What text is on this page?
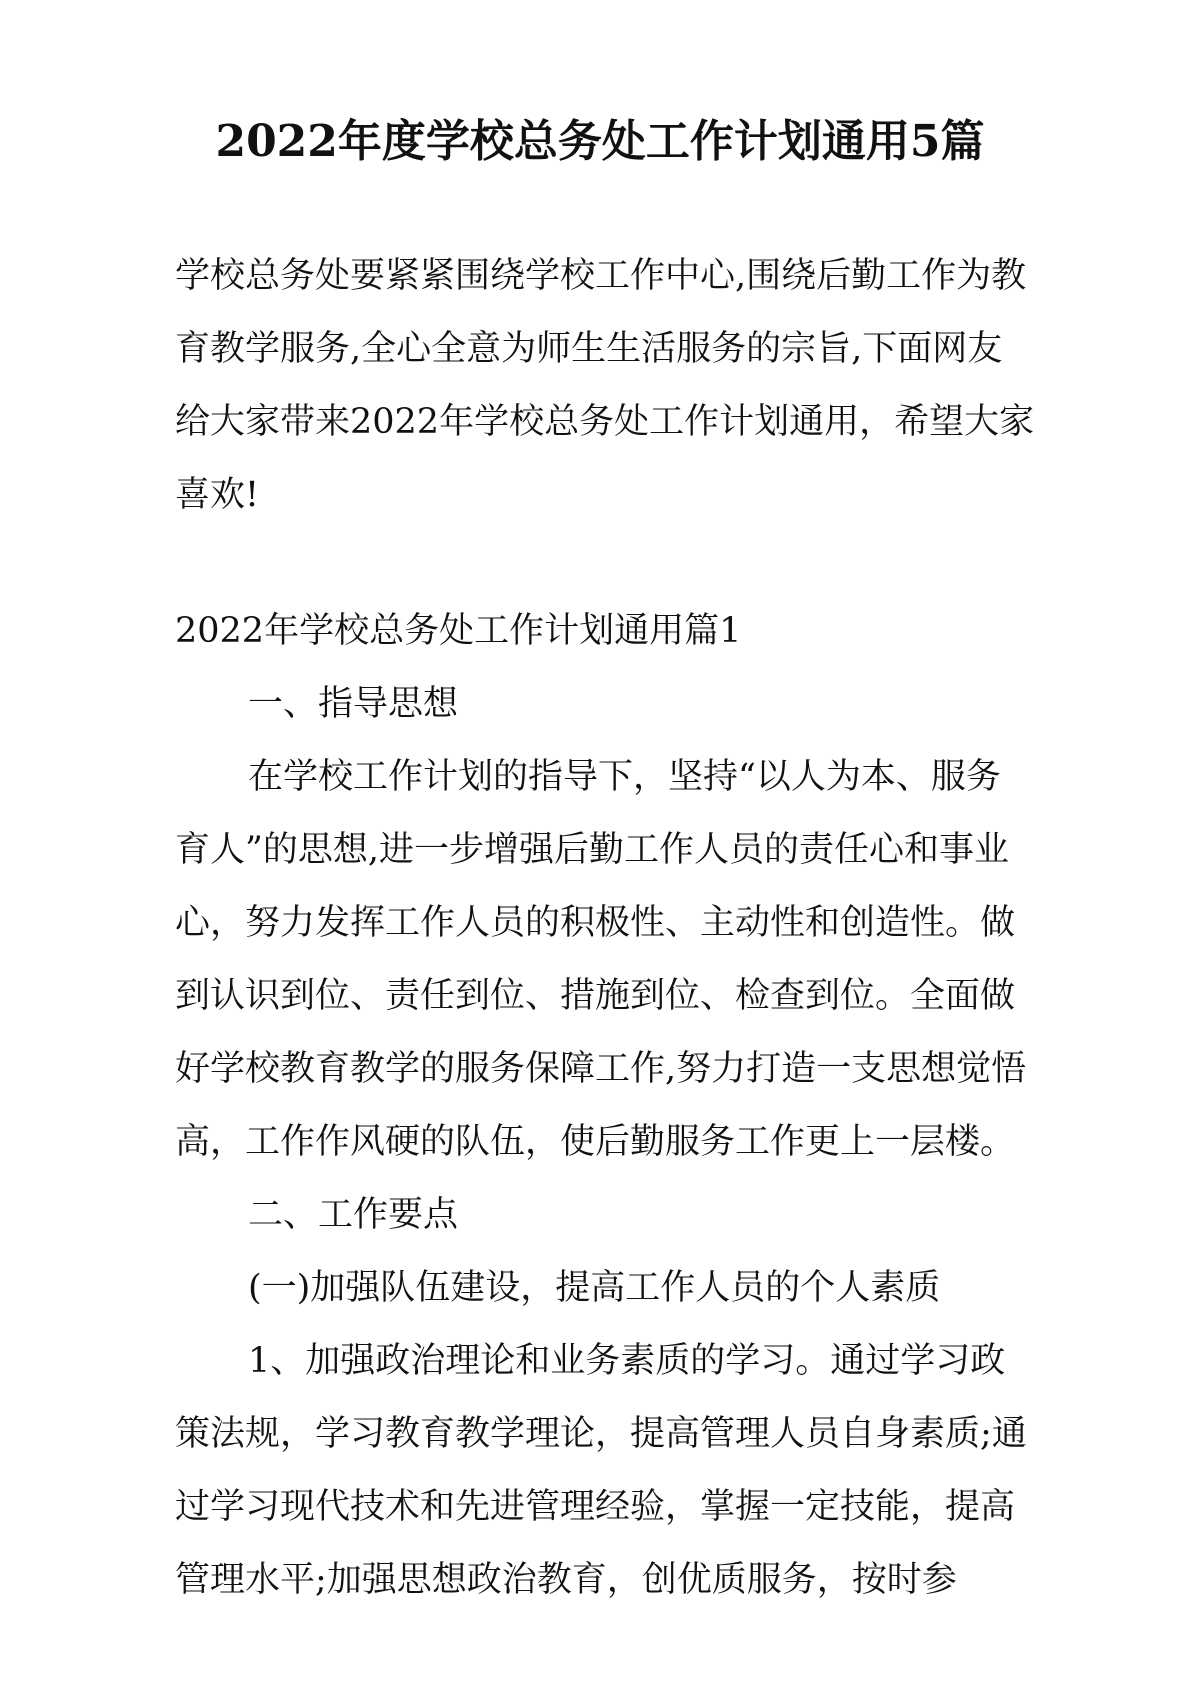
2022年度学校总务处工作计划通用5篇

学校总务处要紧紧围绕学校工作中心,围绕后勤工作为教育教学服务,全心全意为师生生活服务的宗旨,下面网友给大家带来2022年学校总务处工作计划通用，希望大家喜欢!

2022年学校总务处工作计划通用篇1

一、指导思想

在学校工作计划的指导下，坚持“以人为本、服务育人”的思想,进一步增强后勤工作人员的责任心和事业心，努力发挥工作人员的积极性、主动性和创造性。做到认识到位、责任到位、措施到位、检查到位。全面做好学校教育教学的服务保障工作,努力打造一支思想觉悟高，工作作风硬的队伍，使后勤服务工作更上一层楼。

二、工作要点

(一)加强队伍建设，提高工作人员的个人素质

1、加强政治理论和业务素质的学习。通过学习政策法规，学习教育教学理论，提高管理人员自身素质;通过学习现代技术和先进管理经验，掌握一定技能，提高管理水平;加强思想政治教育，创优质服务，按时参
